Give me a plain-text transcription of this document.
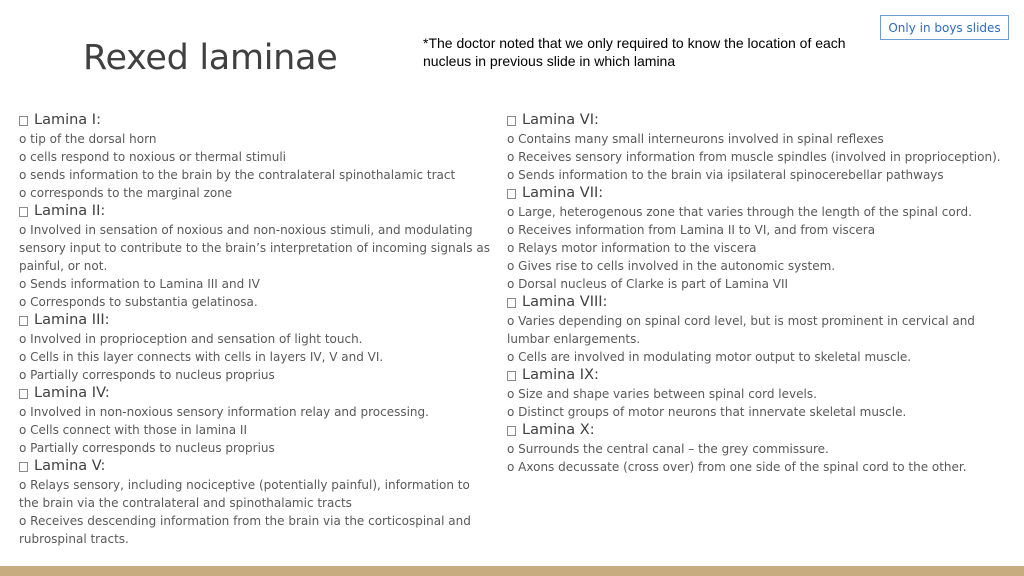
Rexed laminae	*The doctor noted that we only required to know the location of each nucleus in previous slide in which lamina
Only in boys slides
Lamina I:
o tip of the dorsal horn
o cells respond to noxious or thermal stimuli
o sends information to the brain by the contralateral spinothalamic tract
o corresponds to the marginal zone
Lamina II:
o Involved in sensation of noxious and non-noxious stimuli, and modulating sensory input to contribute to the brain’s interpretation of incoming signals as painful, or not.
o Sends information to Lamina III and IV
o Corresponds to substantia gelatinosa.
Lamina III:
o Involved in proprioception and sensation of light touch.
o Cells in this layer connects with cells in layers IV, V and VI.
o Partially corresponds to nucleus proprius
Lamina IV:
o Involved in non-noxious sensory information relay and processing.
o Cells connect with those in lamina II
o Partially corresponds to nucleus proprius
Lamina V:
o Relays sensory, including nociceptive (potentially painful), information to the brain via the contralateral and spinothalamic tracts
o Receives descending information from the brain via the corticospinal and rubrospinal tracts.
Lamina VI:
o Contains many small interneurons involved in spinal reflexes
o Receives sensory information from muscle spindles (involved in proprioception).
o Sends information to the brain via ipsilateral spinocerebellar pathways
Lamina VII:
o Large, heterogenous zone that varies through the length of the spinal cord.
o Receives information from Lamina II to VI, and from viscera
o Relays motor information to the viscera
o Gives rise to cells involved in the autonomic system.
o Dorsal nucleus of Clarke is part of Lamina VII
Lamina VIII:
o Varies depending on spinal cord level, but is most prominent in cervical and lumbar enlargements.
o Cells are involved in modulating motor output to skeletal muscle.
Lamina IX:
o Size and shape varies between spinal cord levels.
o Distinct groups of motor neurons that innervate skeletal muscle.
Lamina X:
o Surrounds the central canal – the grey commissure.
o Axons decussate (cross over) from one side of the spinal cord to the other.
